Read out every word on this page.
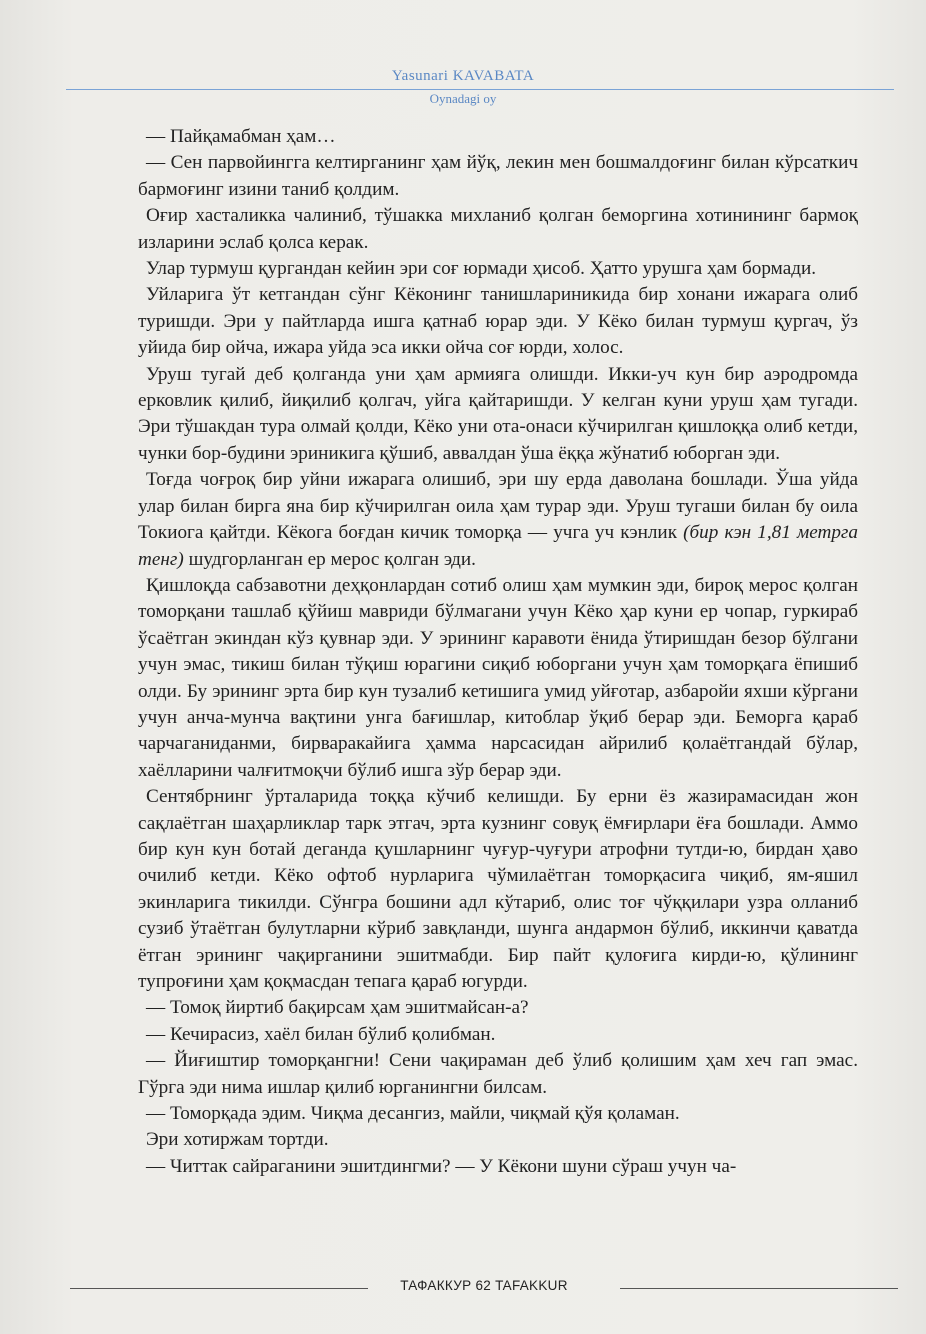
Yasunari KAVABATA
Oynadagi oy

— Пайқамабман ҳам…

— Сен парвойингга келтирганинг ҳам йўқ, лекин мен бошмалдоғинг билан кўрсаткич бармоғинг изини таниб қолдим.

Оғир хасталикка чалиниб, тўшакка михланиб қолган беморгина хотинининг бармоқ изларини эслаб қолса керак.

Улар турмуш қургандан кейин эри соғ юрмади ҳисоб. Ҳатто урушга ҳам бормади.

Уйларига ўт кетгандан сўнг Кёконинг танишлариникида бир хонани ижарага олиб туришди. Эри у пайтларда ишга қатнаб юрар эди. У Кёко билан турмуш қургач, ўз уйида бир ойча, ижара уйда эса икки ойча соғ юрди, холос.

Уруш тугай деб қолганда уни ҳам армияга олишди. Икки-уч кун бир аэродромда ерковлик қилиб, йиқилиб қолгач, уйга қайтаришди. У келган куни уруш ҳам тугади. Эри тўшакдан тура олмай қолди, Кёко уни ота-онаси кўчирилган қишлоққа олиб кетди, чунки бор-будини эриникига қўшиб, аввалдан ўша ёққа жўнатиб юборган эди.

Тоғда чоғроқ бир уйни ижарага олишиб, эри шу ерда даволана бошлади. Ўша уйда улар билан бирга яна бир кўчирилган оила ҳам турар эди. Уруш тугаши билан бу оила Токиога қайтди. Кёкога боғдан кичик томорқа — учга уч кэнлик (бир кэн 1,81 метрга тенг) шудгорланган ер мерос қолган эди.

Қишлоқда сабзавотни деҳқонлардан сотиб олиш ҳам мумкин эди, бироқ мерос қолган томорқани ташлаб қўйиш мавриди бўлмагани учун Кёко ҳар куни ер чопар, гуркираб ўсаётган экиндан кўз қувнар эди. У эрининг каравоти ёнида ўтиришдан безор бўлгани учун эмас, тикиш билан тўқиш юрагини сиқиб юборгани учун ҳам томорқага ёпишиб олди. Бу эрининг эрта бир кун тузалиб кетишига умид уйғотар, азбаройи яхши кўргани учун анча-мунча вақтини унга бағишлар, китоблар ўқиб берар эди. Беморга қараб чарчаганиданми, бирваракайига ҳамма нарсасидан айрилиб қолаётгандай бўлар, хаёлларини чалғитмоқчи бўлиб ишга зўр берар эди.

Сентябрнинг ўрталарида тоққа кўчиб келишди. Бу ерни ёз жазирамасидан жон сақлаётган шаҳарликлар тарк этгач, эрта кузнинг совуқ ёмғирлари ёға бошлади. Аммо бир кун кун ботай деганда қушларнинг чуғур-чуғури атрофни тутди-ю, бирдан ҳаво очилиб кетди. Кёко офтоб нурларига чўмилаётган томорқасига чиқиб, ям-яшил экинларига тикилди. Сўнгра бошини адл кўтариб, олис тоғ чўққилари узра олланиб сузиб ўтаётган булутларни кўриб завқланди, шунга андармон бўлиб, иккинчи қаватда ётган эрининг чақирганини эшитмабди. Бир пайт қулоғига кирди-ю, қўлининг тупроғини ҳам қоқмасдан тепага қараб югурди.

— Томоқ йиртиб бақирсам ҳам эшитмайсан-а?

— Кечирасиз, хаёл билан бўлиб қолибман.

— Йиғиштир томорқангни! Сени чақираман деб ўлиб қолишим ҳам хеч гап эмас. Гўрга эди нима ишлар қилиб юрганингни билсам.

— Томорқада эдим. Чиқма десангиз, майли, чиқмай қўя қоламан.

Эри хотиржам тортди.

— Читтак сайраганини эшитдингми? — У Кёкони шуни сўраш учун ча-

ТАФАККУР 62 TAFAKKUR
